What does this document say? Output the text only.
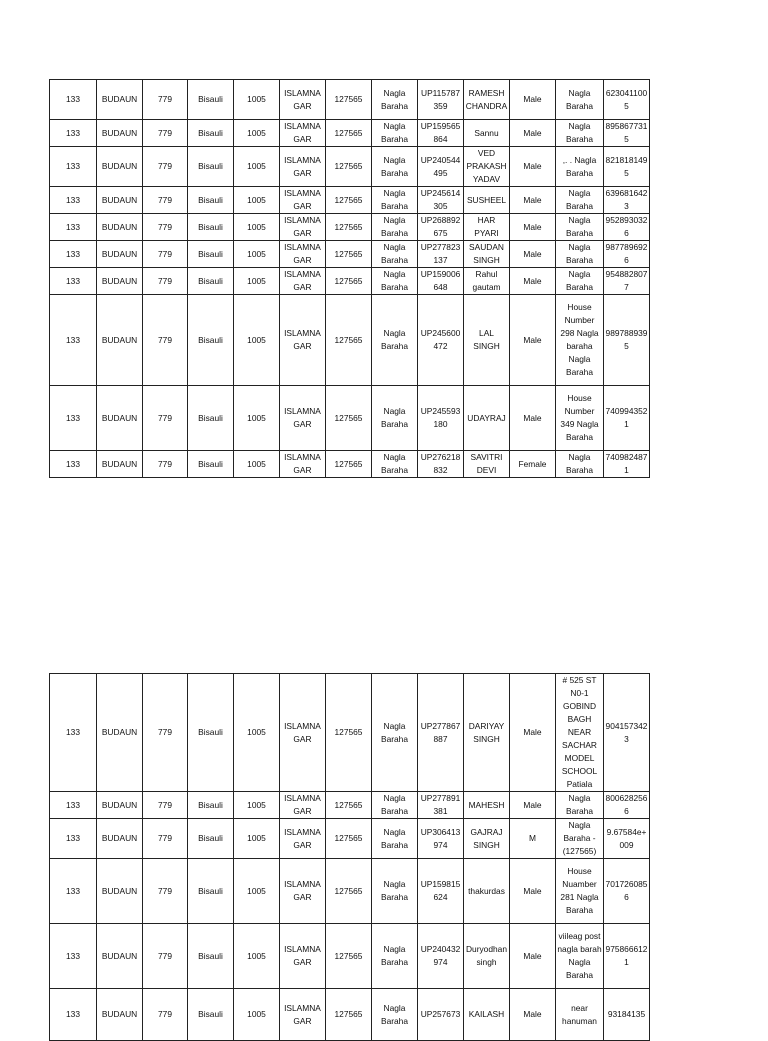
133	BUDAUN	779	Bisauli	1005	ISLAMNA GAR	127565	Nagla Baraha	UP115787359	RAMESH CHANDRA	Male	Nagla Baraha	6230411005
133	BUDAUN	779	Bisauli	1005	ISLAMNA GAR	127565	Nagla Baraha	UP159565864	Sannu	Male	Nagla Baraha	8958677315
133	BUDAUN	779	Bisauli	1005	ISLAMNA GAR	127565	Nagla Baraha	UP240544495	VED PRAKASH YADAV	Male	,. . Nagla Baraha	8218181495
133	BUDAUN	779	Bisauli	1005	ISLAMNA GAR	127565	Nagla Baraha	UP245614305	SUSHEEL	Male	Nagla Baraha	6396816423
133	BUDAUN	779	Bisauli	1005	ISLAMNA GAR	127565	Nagla Baraha	UP268892675	HAR PYARI	Male	Nagla Baraha	9528930326
133	BUDAUN	779	Bisauli	1005	ISLAMNA GAR	127565	Nagla Baraha	UP277823137	SAUDAN SINGH	Male	Nagla Baraha	9877896926
133	BUDAUN	779	Bisauli	1005	ISLAMNA GAR	127565	Nagla Baraha	UP159006648	Rahul gautam	Male	Nagla Baraha	9548828077
133	BUDAUN	779	Bisauli	1005	ISLAMNA GAR	127565	Nagla Baraha	UP245600472	LAL SINGH	Male	House Number 298 Nagla baraha Nagla Baraha	9897889395
133	BUDAUN	779	Bisauli	1005	ISLAMNA GAR	127565	Nagla Baraha	UP245593180	UDAYRAJ	Male	House Number 349 Nagla Baraha	7409943521
133	BUDAUN	779	Bisauli	1005	ISLAMNA GAR	127565	Nagla Baraha	UP276218832	SAVITRI DEVI	Female	Nagla Baraha	7409824871
133	BUDAUN	779	Bisauli	1005	ISLAMNA GAR	127565	Nagla Baraha	UP277867887	DARIYAY SINGH	Male	# 525 ST N0-1 GOBIND BAGH NEAR SACHAR MODEL SCHOOL Patiala	9041573423
133	BUDAUN	779	Bisauli	1005	ISLAMNA GAR	127565	Nagla Baraha	UP277891381	MAHESH	Male	Nagla Baraha	8006282566
133	BUDAUN	779	Bisauli	1005	ISLAMNA GAR	127565	Nagla Baraha	UP306413974	GAJRAJ SINGH	M	Nagla Baraha - (127565)	9.67584e+009
133	BUDAUN	779	Bisauli	1005	ISLAMNA GAR	127565	Nagla Baraha	UP159815624	thakurdas	Male	House Nuamber 281 Nagla Baraha	7017260856
133	BUDAUN	779	Bisauli	1005	ISLAMNA GAR	127565	Nagla Baraha	UP240432974	Duryodhan singh	Male	viileag post nagla barah Nagla Baraha	9758666121
133	BUDAUN	779	Bisauli	1005	ISLAMNA GAR	127565	Nagla Baraha	UP257673	KAILASH	Male	near hanuman	93184135
